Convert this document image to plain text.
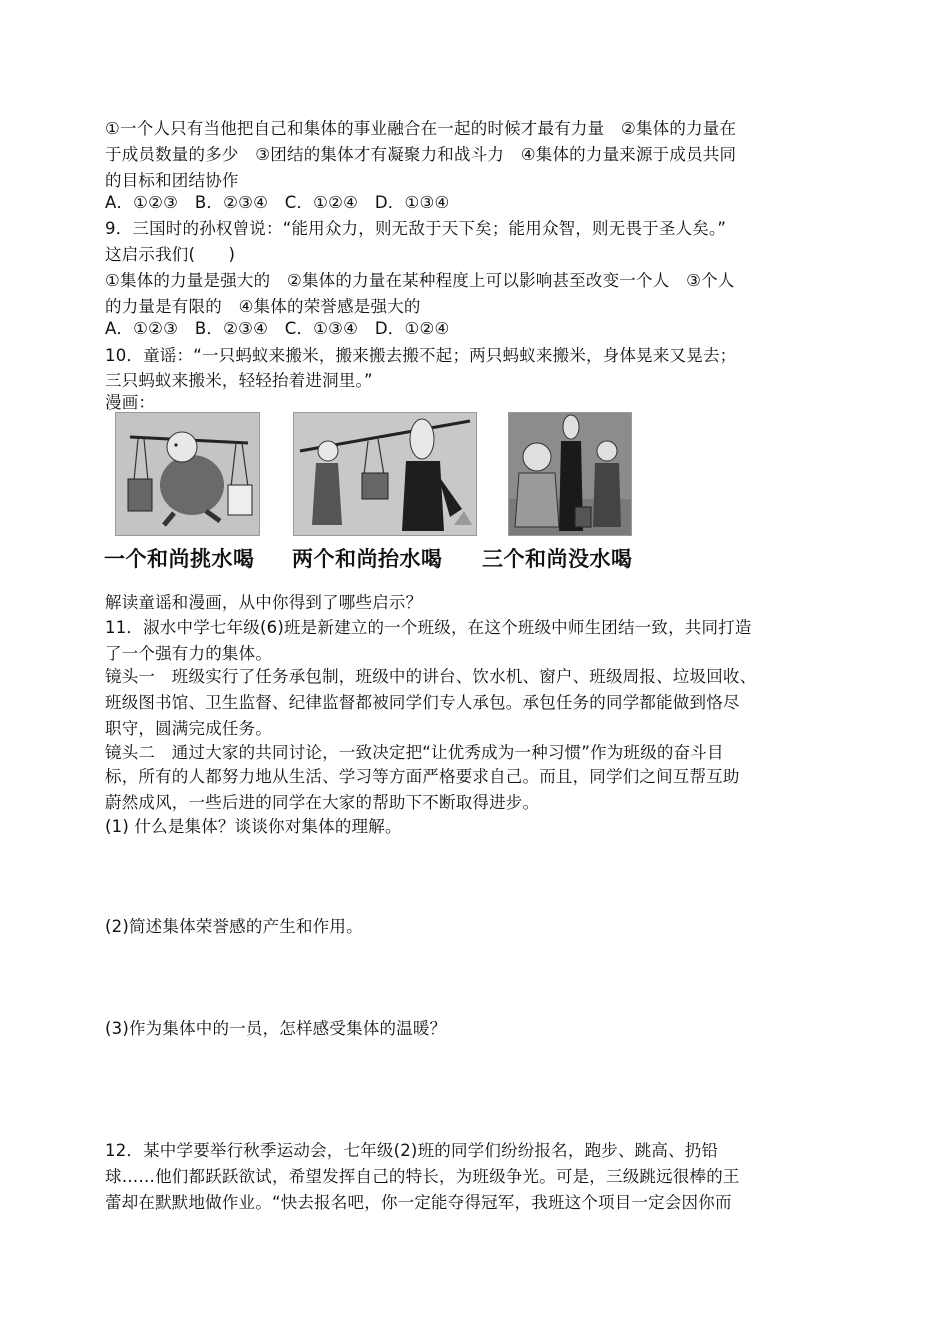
①一个人只有当他把自己和集体的事业融合在一起的时候才最有力量　②集体的力量在
于成员数量的多少　③团结的集体才有凝聚力和战斗力　④集体的力量来源于成员共同
的目标和团结协作
A．①②③　B．②③④　C．①②④　D．①③④
9．三国时的孙权曾说：“能用众力，则无敌于天下矣；能用众智，则无畏于圣人矣。”
这启示我们(　　)
①集体的力量是强大的　②集体的力量在某种程度上可以影响甚至改变一个人　③个人
的力量是有限的　④集体的荣誉感是强大的
A．①②③　B．②③④　C．①③④　D．①②④
10．童谣：“一只蚂蚁来搬米，搬来搬去搬不起；两只蚂蚁来搬米，身体晃来又晃去；
三只蚂蚁来搬米，轻轻抬着进洞里。”
漫画：
一个和尚挑水喝 两个和尚抬水喝 三个和尚没水喝
解读童谣和漫画，从中你得到了哪些启示？
11．淑水中学七年级(6)班是新建立的一个班级，在这个班级中师生团结一致，共同打造
了一个强有力的集体。
镜头一　班级实行了任务承包制，班级中的讲台、饮水机、窗户、班级周报、垃圾回收、
班级图书馆、卫生监督、纪律监督都被同学们专人承包。承包任务的同学都能做到恪尽
职守，圆满完成任务。
镜头二　通过大家的共同讨论，一致决定把“让优秀成为一种习惯”作为班级的奋斗目
标，所有的人都努力地从生活、学习等方面严格要求自己。而且，同学们之间互帮互助
蔚然成风，一些后进的同学在大家的帮助下不断取得进步。
(1) 什么是集体？谈谈你对集体的理解。
(2)简述集体荣誉感的产生和作用。
(3)作为集体中的一员，怎样感受集体的温暖？
12．某中学要举行秋季运动会，七年级(2)班的同学们纷纷报名，跑步、跳高、扔铅
球……他们都跃跃欲试，希望发挥自己的特长，为班级争光。可是，三级跳远很棒的王
蕾却在默默地做作业。“快去报名吧，你一定能夺得冠军，我班这个项目一定会因你而
